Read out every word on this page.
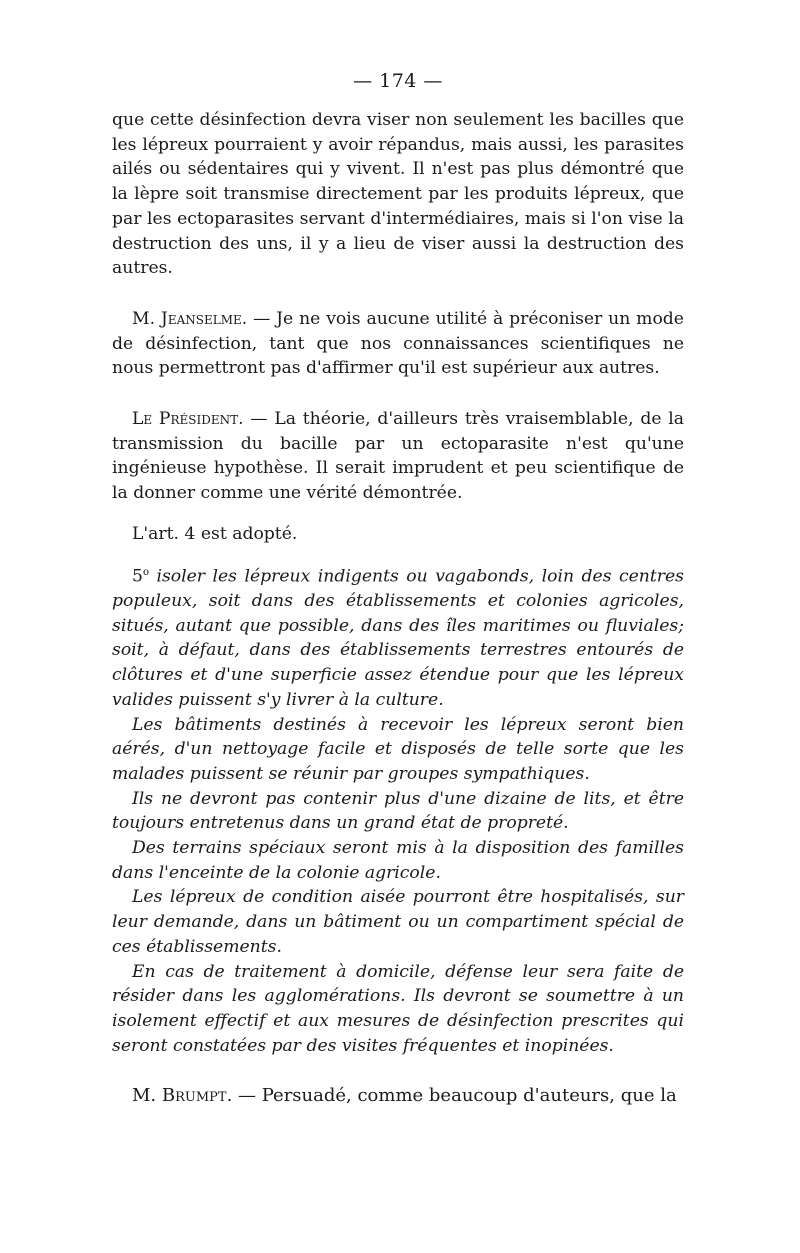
— 174 —

que cette désinfection devra viser non seulement les bacilles que les lépreux pourraient y avoir répandus, mais aussi, les parasites ailés ou sédentaires qui y vivent. Il n'est pas plus démontré que la lèpre soit transmise directement par les produits lépreux, que par les ectoparasites servant d'intermédiaires, mais si l'on vise la destruction des uns, il y a lieu de viser aussi la destruction des autres.

M. Jeanselme. — Je ne vois aucune utilité à préconiser un mode de désinfection, tant que nos connaissances scientifiques ne nous permettront pas d'affirmer qu'il est supérieur aux autres.

Le Président. — La théorie, d'ailleurs très vraisemblable, de la transmission du bacille par un ectoparasite n'est qu'une ingénieuse hypothèse. Il serait imprudent et peu scientifique de la donner comme une vérité démontrée.

L'art. 4 est adopté.

5$^o$ isoler les lépreux indigents ou vagabonds, loin des centres populeux, soit dans des établissements et colonies agricoles, situés, autant que possible, dans des îles maritimes ou fluviales; soit, à défaut, dans des établissements terrestres entourés de clôtures et d'une superficie assez étendue pour que les lépreux valides puissent s'y livrer à la culture.

Les bâtiments destinés à recevoir les lépreux seront bien aérés, d'un nettoyage facile et disposés de telle sorte que les malades puissent se réunir par groupes sympathiques.

Ils ne devront pas contenir plus d'une dizaine de lits, et être toujours entretenus dans un grand état de propreté.

Des terrains spéciaux seront mis à la disposition des familles dans l'enceinte de la colonie agricole.

Les lépreux de condition aisée pourront être hospitalisés, sur leur demande, dans un bâtiment ou un compartiment spécial de ces établissements.

En cas de traitement à domicile, défense leur sera faite de résider dans les agglomérations. Ils devront se soumettre à un isolement effectif et aux mesures de désinfection prescrites qui seront constatées par des visites fréquentes et inopinées.

M. Brumpt. — Persuadé, comme beaucoup d'auteurs, que la
